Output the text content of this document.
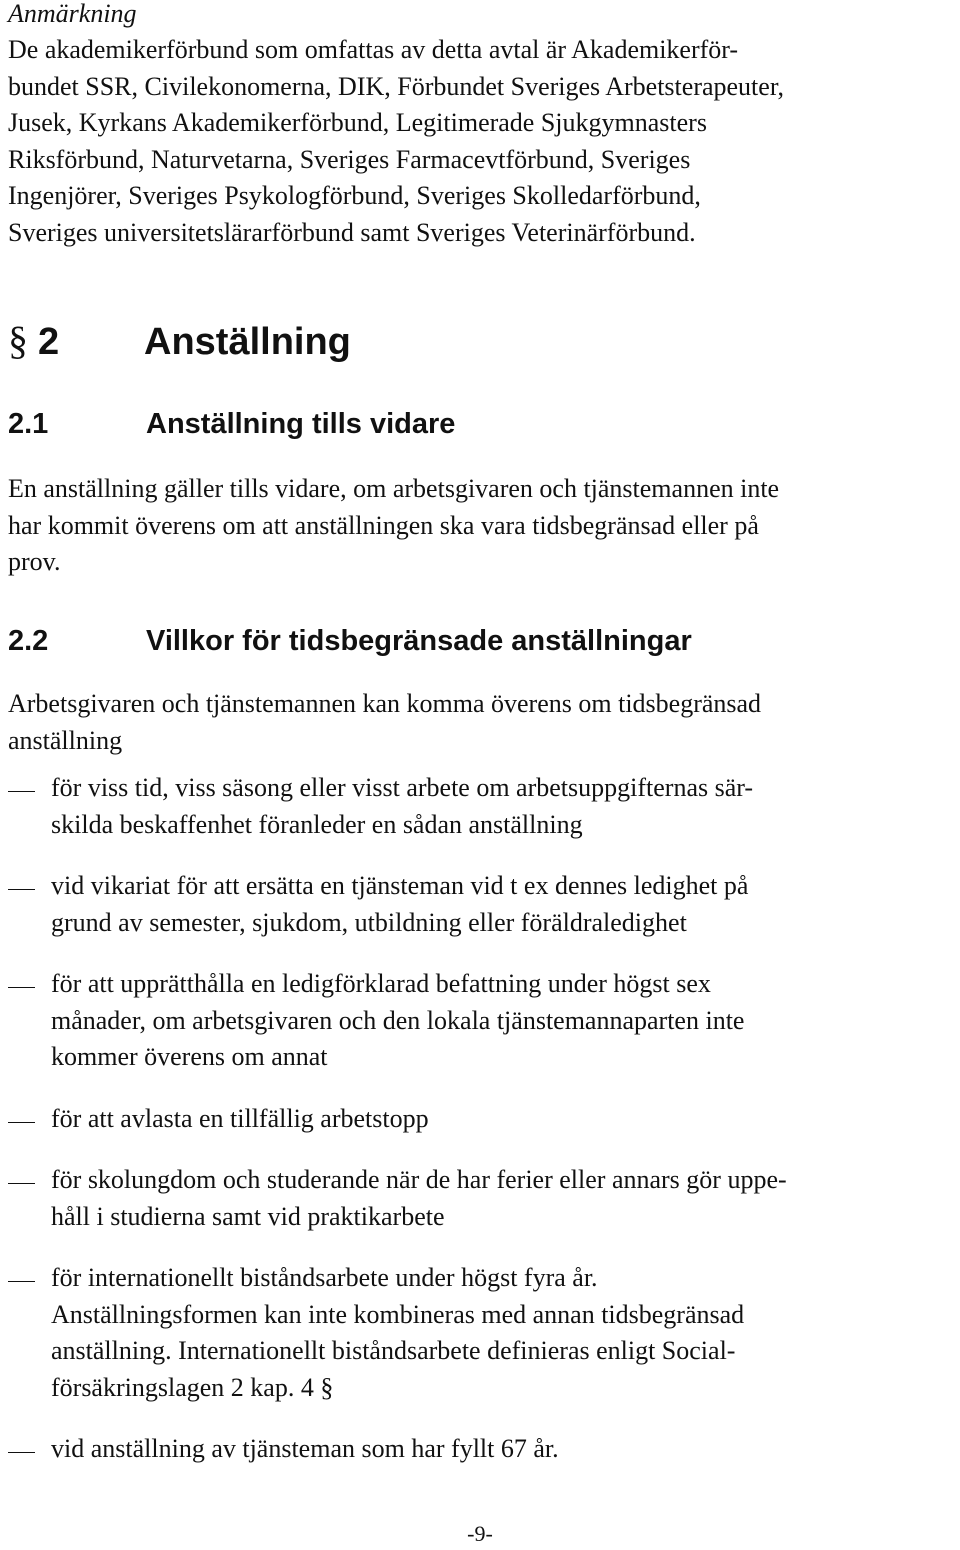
Anmärkning

De akademikerförbund som omfattas av detta avtal är Akademikerför-
bundet SSR, Civilekonomerna, DIK, Förbundet Sveriges Arbetsterapeuter,
Jusek, Kyrkans Akademikerförbund, Legitimerade Sjukgymnasters
Riksförbund, Naturvetarna, Sveriges Farmacevtförbund, Sveriges
Ingenjörer, Sveriges Psykologförbund, Sveriges Skolledarförbund,
Sveriges universitetslärarförbund samt Sveriges Veterinärförbund.

§ 2 Anställning
2.1	Anställning tills vidare

En anställning gäller tills vidare, om arbetsgivaren och tjänstemannen inte
har kommit överens om att anställningen ska vara tidsbegränsad eller på
prov.

2.2	Villkor för tidsbegränsade anställningar

Arbetsgivaren och tjänstemannen kan komma överens om tidsbegränsad
anställning

för viss tid, viss säsong eller visst arbete om arbetsuppgifternas sär-
skilda beskaffenhet föranleder en sådan anställning
vid vikariat för att ersätta en tjänsteman vid t ex dennes ledighet på
grund av semester, sjukdom, utbildning eller föräldraledighet
för att upprätthålla en ledigförklarad befattning under högst sex
månader, om arbetsgivaren och den lokala tjänstemannaparten inte
kommer överens om annat
för att avlasta en tillfällig arbetstopp
för skolungdom och studerande när de har ferier eller annars gör uppe-
håll i studierna samt vid praktikarbete
för internationellt biståndsarbete under högst fyra år.
Anställningsformen kan inte kombineras med annan tidsbegränsad
anställning. Internationellt biståndsarbete definieras enligt Social-
försäkringslagen 2 kap. 4 §
vid anställning av tjänsteman som har fyllt 67 år.

-9-
